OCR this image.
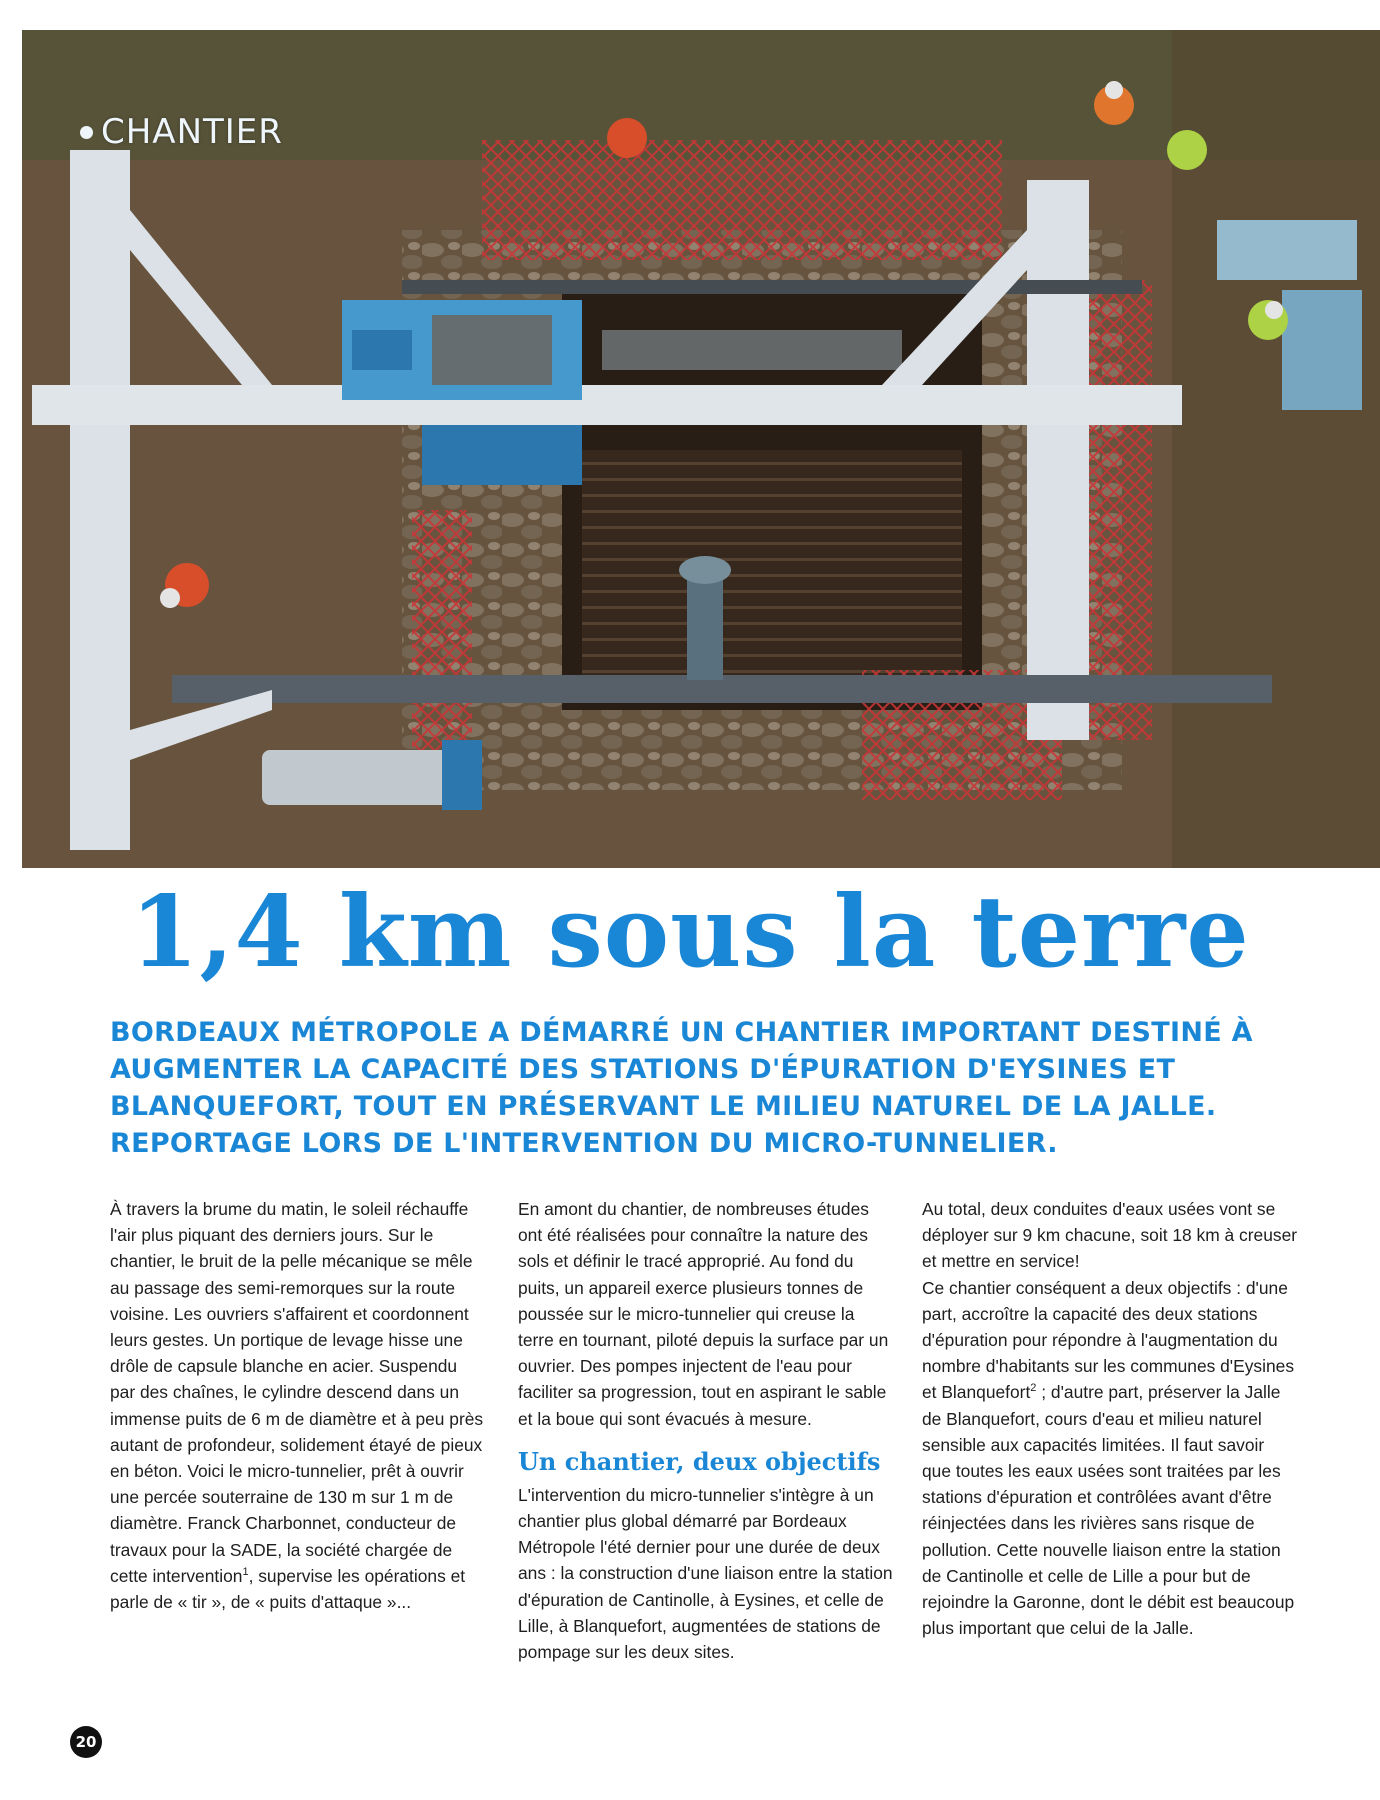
CHANTIER
1,4 km sous la terre
BORDEAUX MÉTROPOLE A DÉMARRÉ UN CHANTIER IMPORTANT DESTINÉ À AUGMENTER LA CAPACITÉ DES STATIONS D'ÉPURATION D'EYSINES ET BLANQUEFORT, TOUT EN PRÉSERVANT LE MILIEU NATUREL DE LA JALLE. REPORTAGE LORS DE L'INTERVENTION DU MICRO-TUNNELIER.

À travers la brume du matin, le soleil réchauffe l'air plus piquant des derniers jours. Sur le chantier, le bruit de la pelle mécanique se mêle au passage des semi-remorques sur la route voisine. Les ouvriers s'affairent et coordonnent leurs gestes. Un portique de levage hisse une drôle de capsule blanche en acier. Suspendu par des chaînes, le cylindre descend dans un immense puits de 6 m de diamètre et à peu près autant de profondeur, solidement étayé de pieux en béton. Voici le micro-tunnelier, prêt à ouvrir une percée souterraine de 130 m sur 1 m de diamètre. Franck Charbonnet, conducteur de travaux pour la SADE, la société chargée de cette intervention$^1$, supervise les opérations et parle de « tir », de « puits d'attaque »...

En amont du chantier, de nombreuses études ont été réalisées pour connaître la nature des sols et définir le tracé approprié. Au fond du puits, un appareil exerce plusieurs tonnes de poussée sur le micro-tunnelier qui creuse la terre en tournant, piloté depuis la surface par un ouvrier. Des pompes injectent de l'eau pour faciliter sa progression, tout en aspirant le sable et la boue qui sont évacués à mesure.

Un chantier, deux objectifs

L'intervention du micro-tunnelier s'intègre à un chantier plus global démarré par Bordeaux Métropole l'été dernier pour une durée de deux ans : la construction d'une liaison entre la station d'épuration de Cantinolle, à Eysines, et celle de Lille, à Blanquefort, augmentées de stations de pompage sur les deux sites.

Au total, deux conduites d'eaux usées vont se déployer sur 9 km chacune, soit 18 km à creuser et mettre en service!

Ce chantier conséquent a deux objectifs : d'une part, accroître la capacité des deux stations d'épuration pour répondre à l'augmentation du nombre d'habitants sur les communes d'Eysines et Blanquefort$^2$ ; d'autre part, préserver la Jalle de Blanquefort, cours d'eau et milieu naturel sensible aux capacités limitées. Il faut savoir que toutes les eaux usées sont traitées par les stations d'épuration et contrôlées avant d'être réinjectées dans les rivières sans risque de pollution. Cette nouvelle liaison entre la station de Cantinolle et celle de Lille a pour but de rejoindre la Garonne, dont le débit est beaucoup plus important que celui de la Jalle.

20
